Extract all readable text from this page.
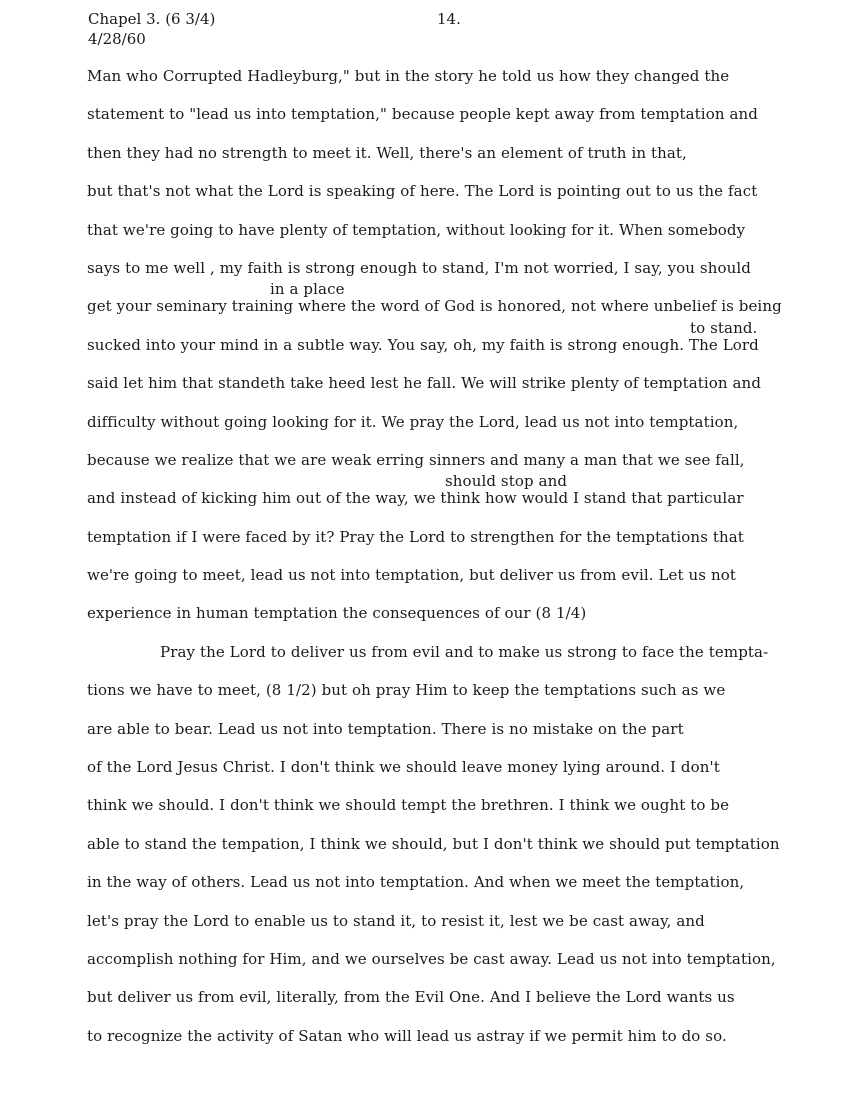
Chapel 3. (6 3/4)
4/28/60
14.
Man who Corrupted Hadleyburg," but in the story he told us how they changed the
statement to "lead us into temptation," because people kept away from temptation and
then they had no strength to meet it. Well, there's an element of truth in that,
but that's not what the Lord is speaking of here. The Lord is pointing out to us the fact
that we're going to have plenty of temptation, without looking for it. When somebody
says to me well , my faith is strong enough to stand, I'm not worried, I say, you should
in a place
get your seminary training where the word of God is honored, not where unbelief is being
to stand.
sucked into your mind in a subtle way. You say, oh, my faith is strong enough. The Lord
said let him that standeth take heed lest he fall. We will strike plenty of temptation and
difficulty without going looking for it. We pray the Lord, lead us not into temptation,
because we realize that we are weak erring sinners and many a man that we see fall,
should stop and
and instead of kicking him out of the way, we think how would I stand that particular
temptation if I were faced by it? Pray the Lord to strengthen for the temptations that
we're going to meet, lead us not into temptation, but deliver us from evil. Let us not
experience in human temptation the consequences of our (8 1/4)
Pray the Lord to deliver us from evil and to make us strong to face the tempta-
tions we have to meet, (8 1/2) but oh pray Him to keep the temptations such as we
are able to bear. Lead us not into temptation. There is no mistake on the part
of the Lord Jesus Christ. I don't think we should leave money lying around. I don't
think we should. I don't think we should tempt the brethren. I think we ought to be
able to stand the tempation, I think we should, but I don't think we should put temptation
in the way of others. Lead us not into temptation. And when we meet the temptation,
let's pray the Lord to enable us to stand it, to resist it, lest we be cast away, and
accomplish nothing for Him, and we ourselves be cast away. Lead us not into temptation,
but deliver us from evil, literally, from the Evil One. And I believe the Lord wants us
to recognize the activity of Satan who will lead us astray if we permit him to do so.
